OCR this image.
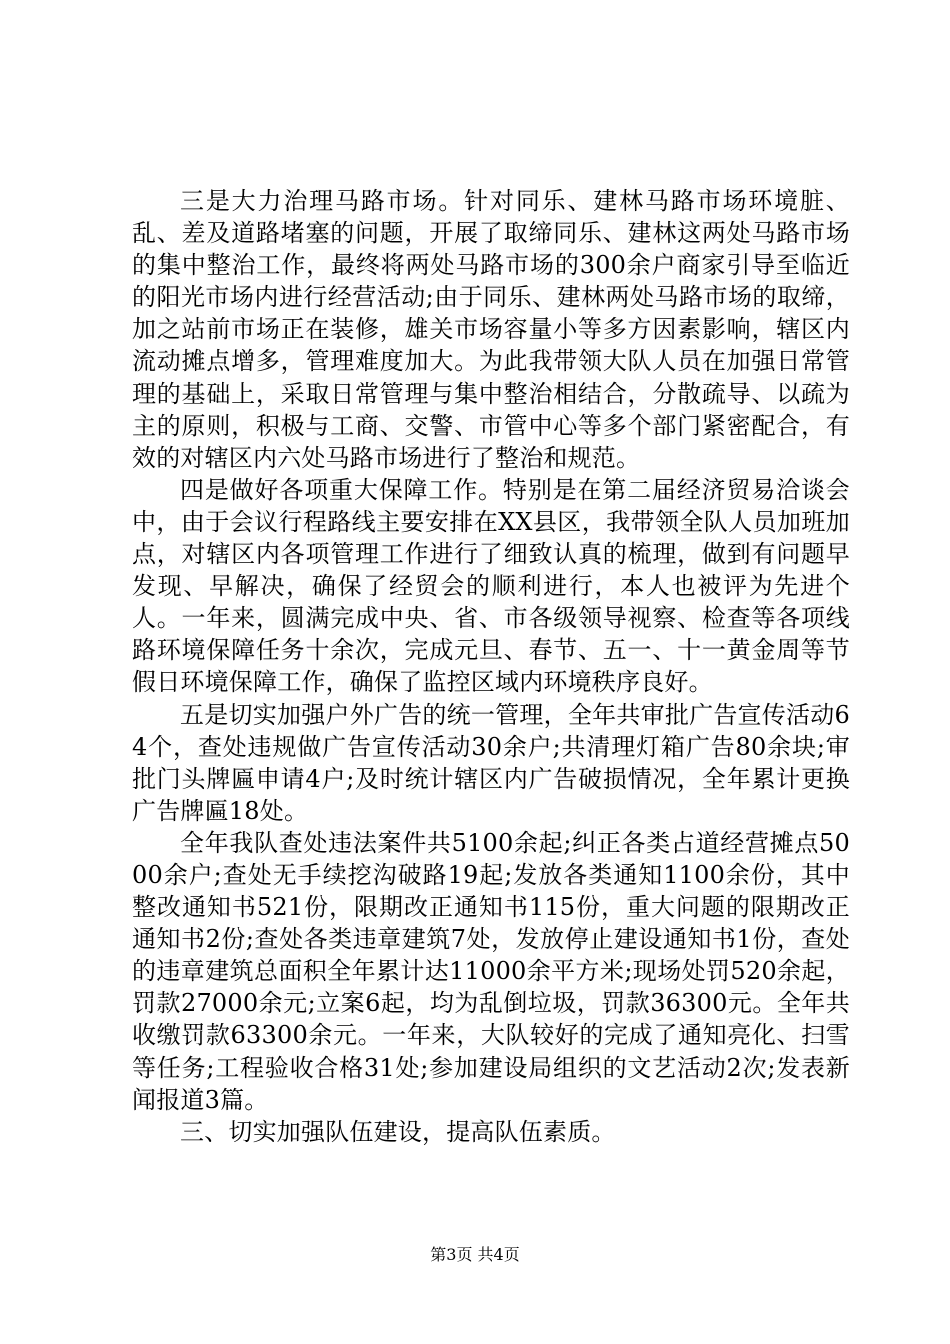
三是大力治理马路市场。针对同乐、建林马路市场环境脏、乱、差及道路堵塞的问题，开展了取缔同乐、建林这两处马路市场的集中整治工作，最终将两处马路市场的300余户商家引导至临近的阳光市场内进行经营活动;由于同乐、建林两处马路市场的取缔，加之站前市场正在装修，雄关市场容量小等多方因素影响，辖区内流动摊点增多，管理难度加大。为此我带领大队人员在加强日常管理的基础上，采取日常管理与集中整治相结合，分散疏导、以疏为主的原则，积极与工商、交警、市管中心等多个部门紧密配合，有效的对辖区内六处马路市场进行了整治和规范。

四是做好各项重大保障工作。特别是在第二届经济贸易洽谈会中，由于会议行程路线主要安排在XX县区，我带领全队人员加班加点，对辖区内各项管理工作进行了细致认真的梳理，做到有问题早发现、早解决，确保了经贸会的顺利进行，本人也被评为先进个人。一年来，圆满完成中央、省、市各级领导视察、检查等各项线路环境保障任务十余次，完成元旦、春节、五一、十一黄金周等节假日环境保障工作，确保了监控区域内环境秩序良好。

五是切实加强户外广告的统一管理，全年共审批广告宣传活动64个，查处违规做广告宣传活动30余户;共清理灯箱广告80余块;审批门头牌匾申请4户;及时统计辖区内广告破损情况，全年累计更换广告牌匾18处。

全年我队查处违法案件共5100余起;纠正各类占道经营摊点5000余户;查处无手续挖沟破路19起;发放各类通知1100余份，其中整改通知书521份，限期改正通知书115份，重大问题的限期改正通知书2份;查处各类违章建筑7处，发放停止建设通知书1份，查处的违章建筑总面积全年累计达11000余平方米;现场处罚520余起，罚款27000余元;立案6起，均为乱倒垃圾，罚款36300元。全年共收缴罚款63300余元。一年来，大队较好的完成了通知亮化、扫雪等任务;工程验收合格31处;参加建设局组织的文艺活动2次;发表新闻报道3篇。

三、切实加强队伍建设，提高队伍素质。

第3页 共4页
